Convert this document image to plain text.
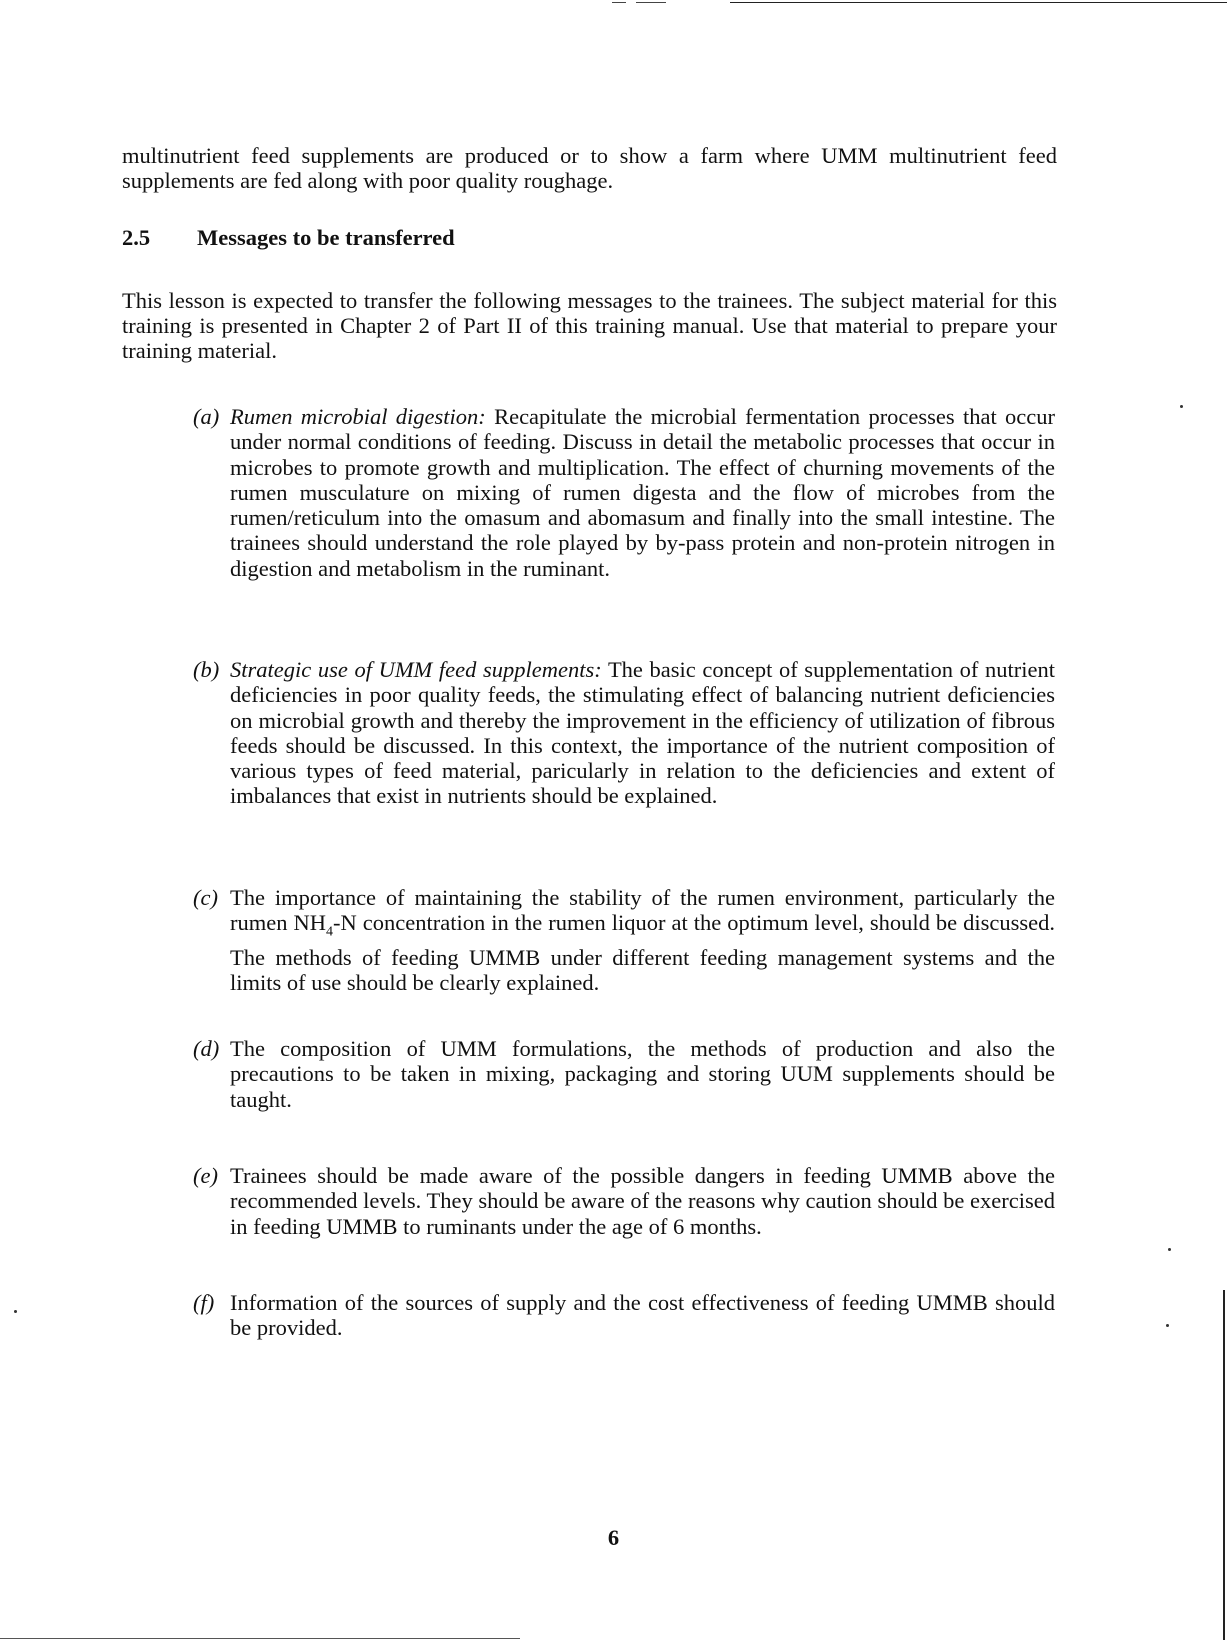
multinutrient feed supplements are produced or to show a farm where UMM multinutrient feed supplements are fed along with poor quality roughage.
2.5	Messages to be transferred
This lesson is expected to transfer the following messages to the trainees. The subject material for this training is presented in Chapter 2 of Part II of this training manual. Use that material to prepare your training material.
(a) Rumen microbial digestion: Recapitulate the microbial fermentation processes that occur under normal conditions of feeding. Discuss in detail the metabolic processes that occur in microbes to promote growth and multiplication. The effect of churning movements of the rumen musculature on mixing of rumen digesta and the flow of microbes from the rumen/reticulum into the omasum and abomasum and finally into the small intestine. The trainees should understand the role played by by-pass protein and non-protein nitrogen in digestion and metabolism in the ruminant.
(b) Strategic use of UMM feed supplements: The basic concept of supplementation of nutrient deficiencies in poor quality feeds, the stimulating effect of balancing nutrient deficiencies on microbial growth and thereby the improvement in the efficiency of utilization of fibrous feeds should be discussed. In this context, the importance of the nutrient composition of various types of feed material, paricularly in relation to the deficiencies and extent of imbalances that exist in nutrients should be explained.
(c) The importance of maintaining the stability of the rumen environment, particularly the rumen $NH_4-N$ concentration in the rumen liquor at the optimum level, should be discussed. The methods of feeding UMMB under different feeding management systems and the limits of use should be clearly explained.
(d) The composition of UMM formulations, the methods of production and also the precautions to be taken in mixing, packaging and storing UUM supplements should be taught.
(e) Trainees should be made aware of the possible dangers in feeding UMMB above the recommended levels. They should be aware of the reasons why caution should be exercised in feeding UMMB to ruminants under the age of 6 months.
(f) Information of the sources of supply and the cost effectiveness of feeding UMMB should be provided.
6
